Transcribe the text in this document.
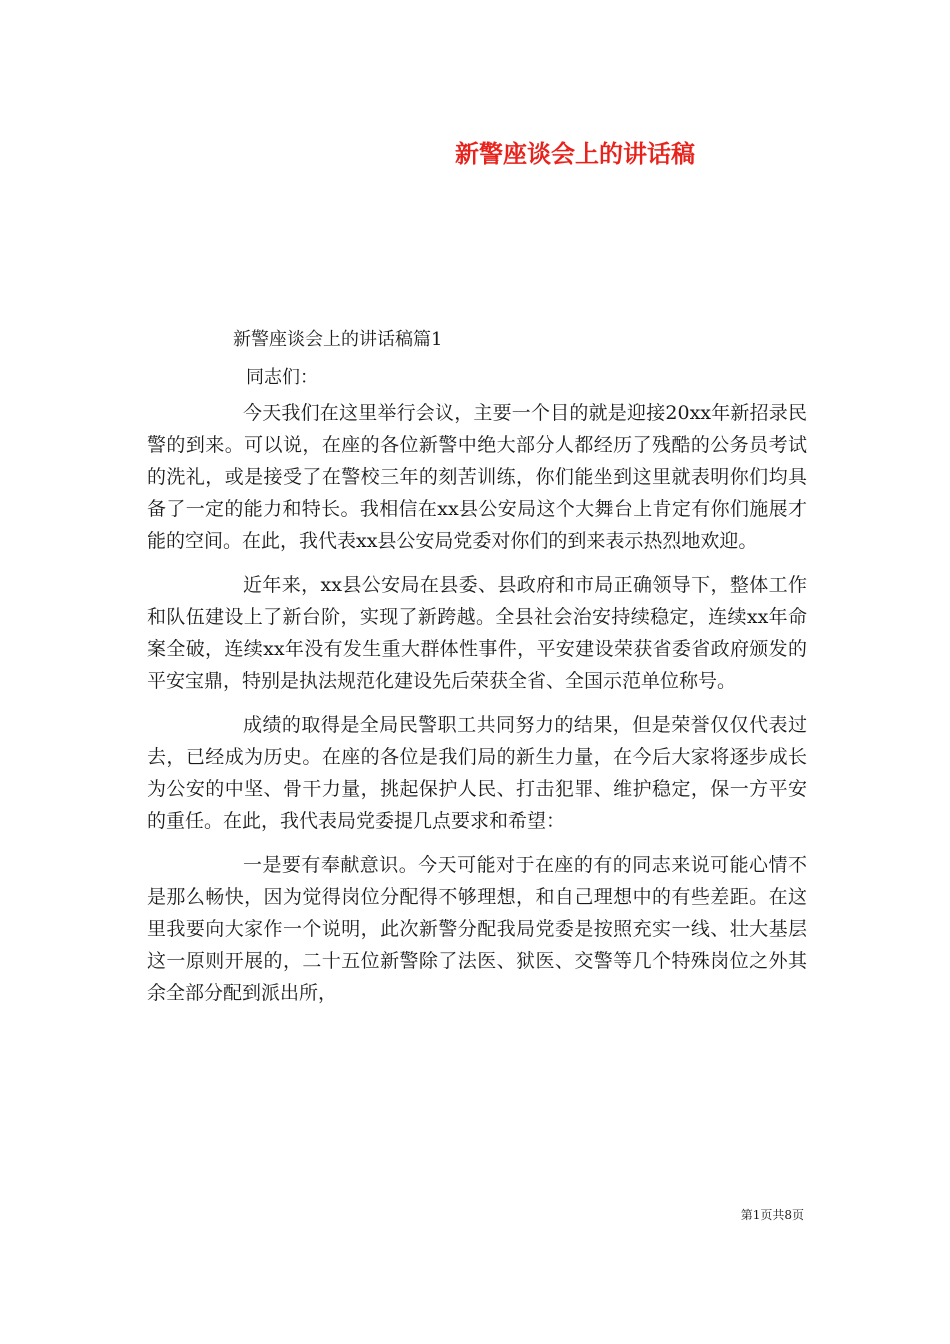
新警座谈会上的讲话稿
新警座谈会上的讲话稿篇1
同志们：

今天我们在这里举行会议，主要一个目的就是迎接20xx年新招录民警的到来。可以说，在座的各位新警中绝大部分人都经历了残酷的公务员考试的洗礼，或是接受了在警校三年的刻苦训练，你们能坐到这里就表明你们均具备了一定的能力和特长。我相信在xx县公安局这个大舞台上肯定有你们施展才能的空间。在此，我代表xx县公安局党委对你们的到来表示热烈地欢迎。

近年来，xx县公安局在县委、县政府和市局正确领导下，整体工作和队伍建设上了新台阶，实现了新跨越。全县社会治安持续稳定，连续xx年命案全破，连续xx年没有发生重大群体性事件，平安建设荣获省委省政府颁发的平安宝鼎，特别是执法规范化建设先后荣获全省、全国示范单位称号。

成绩的取得是全局民警职工共同努力的结果，但是荣誉仅仅代表过去，已经成为历史。在座的各位是我们局的新生力量，在今后大家将逐步成长为公安的中坚、骨干力量，挑起保护人民、打击犯罪、维护稳定，保一方平安的重任。在此，我代表局党委提几点要求和希望：

一是要有奉献意识。今天可能对于在座的有的同志来说可能心情不是那么畅快，因为觉得岗位分配得不够理想，和自己理想中的有些差距。在这里我要向大家作一个说明，此次新警分配我局党委是按照充实一线、壮大基层这一原则开展的，二十五位新警除了法医、狱医、交警等几个特殊岗位之外其余全部分配到派出所，

第1页共8页
